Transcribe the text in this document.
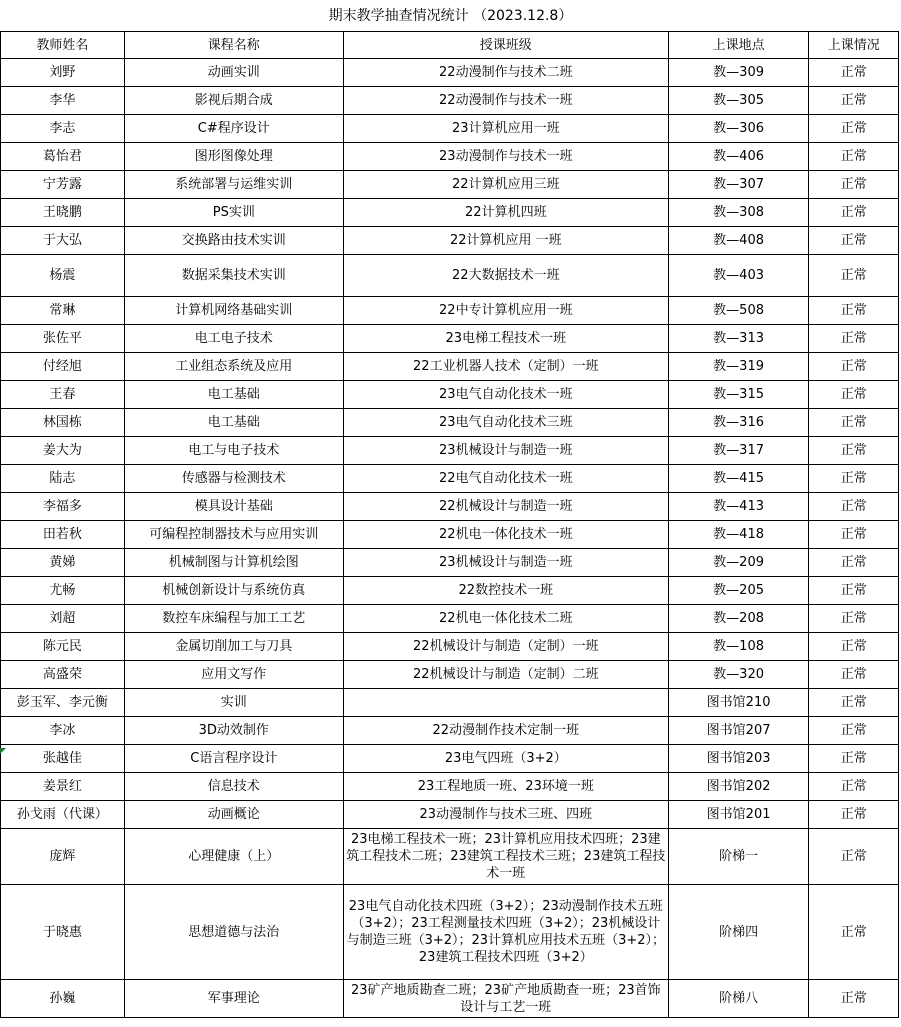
期末教学抽查情况统计 （2023.12.8）
教师姓名	课程名称	授课班级	上课地点	上课情况
刘野	动画实训	22动漫制作与技术二班	教—309	正常
李华	影视后期合成	22动漫制作与技术一班	教—305	正常
李志	C#程序设计	23计算机应用一班	教—306	正常
葛怡君	图形图像处理	23动漫制作与技术一班	教—406	正常
宁芳露	系统部署与运维实训	22计算机应用三班	教—307	正常
王晓鹏	PS实训	22计算机四班	教—308	正常
于大弘	交换路由技术实训	22计算机应用 一班	教—408	正常
杨震	数据采集技术实训	22大数据技术一班	教—403	正常
常琳	计算机网络基础实训	22中专计算机应用一班	教—508	正常
张佐平	电工电子技术	23电梯工程技术一班	教—313	正常
付经旭	工业组态系统及应用	22工业机器人技术（定制）一班	教—319	正常
王春	电工基础	23电气自动化技术一班	教—315	正常
林国栋	电工基础	23电气自动化技术三班	教—316	正常
姜大为	电工与电子技术	23机械设计与制造一班	教—317	正常
陆志	传感器与检测技术	22电气自动化技术一班	教—415	正常
李福多	模具设计基础	22机械设计与制造一班	教—413	正常
田若秋	可编程控制器技术与应用实训	22机电一体化技术一班	教—418	正常
黄娣	机械制图与计算机绘图	23机械设计与制造一班	教—209	正常
尤畅	机械创新设计与系统仿真	22数控技术一班	教—205	正常
刘超	数控车床编程与加工工艺	22机电一体化技术二班	教—208	正常
陈元民	金属切削加工与刀具	22机械设计与制造（定制）一班	教—108	正常
高盛荣	应用文写作	22机械设计与制造（定制）二班	教—320	正常
彭玉军、李元衡	实训		图书馆210	正常
李冰	3D动效制作	22动漫制作技术定制一班	图书馆207	正常
张越佳	C语言程序设计	23电气四班（3+2）	图书馆203	正常
姜景红	信息技术	23工程地质一班、23环境一班	图书馆202	正常
孙戈雨（代课）	动画概论	23动漫制作与技术三班、四班	图书馆201	正常
庞辉	心理健康（上）	23电梯工程技术一班；23计算机应用技术四班；23建筑工程技术二班；23建筑工程技术三班；23建筑工程技术一班	阶梯一	正常
于晓惠	思想道德与法治	23电气自动化技术四班（3+2）；23动漫制作技术五班（3+2）；23工程测量技术四班（3+2）；23机械设计与制造三班（3+2）；23计算机应用技术五班（3+2）；23建筑工程技术四班（3+2）	阶梯四	正常
孙巍	军事理论	23矿产地质勘查二班；23矿产地质勘查一班；23首饰设计与工艺一班	阶梯八	正常
